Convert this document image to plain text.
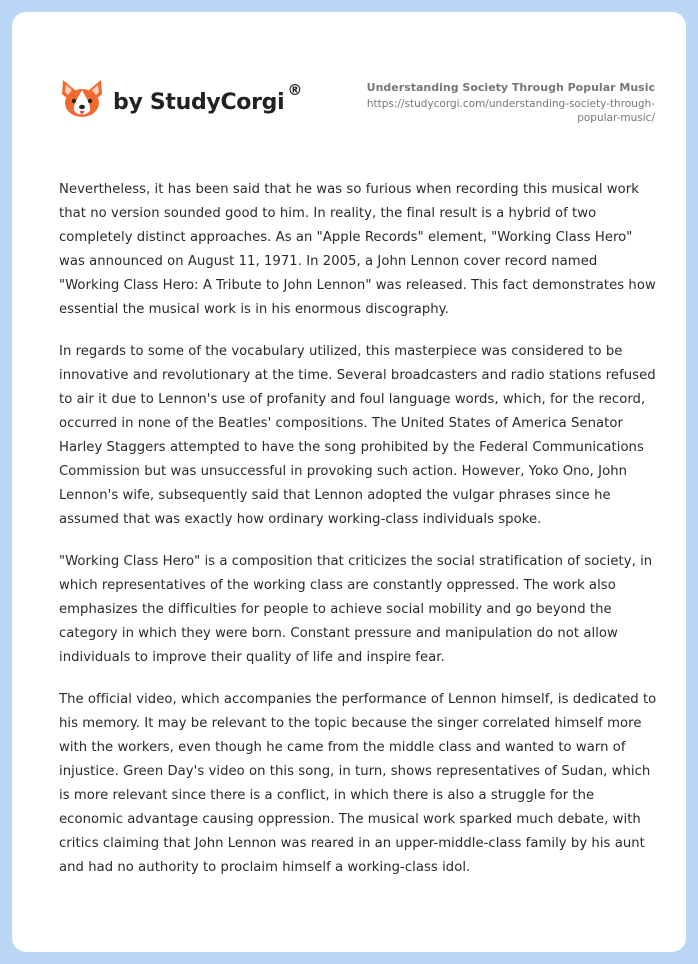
by StudyCorgi ®	Understanding Society Through Popular Music
https://studycorgi.com/understanding-society-through-
popular-music/

Nevertheless, it has been said that he was so furious when recording this musical work that no version sounded good to him. In reality, the final result is a hybrid of two completely distinct approaches. As an "Apple Records" element, "Working Class Hero" was announced on August 11, 1971. In 2005, a John Lennon cover record named "Working Class Hero: A Tribute to John Lennon" was released. This fact demonstrates how essential the musical work is in his enormous discography.

In regards to some of the vocabulary utilized, this masterpiece was considered to be innovative and revolutionary at the time. Several broadcasters and radio stations refused to air it due to Lennon's use of profanity and foul language words, which, for the record, occurred in none of the Beatles' compositions. The United States of America Senator Harley Staggers attempted to have the song prohibited by the Federal Communications Commission but was unsuccessful in provoking such action. However, Yoko Ono, John Lennon's wife, subsequently said that Lennon adopted the vulgar phrases since he assumed that was exactly how ordinary working-class individuals spoke.

"Working Class Hero" is a composition that criticizes the social stratification of society, in which representatives of the working class are constantly oppressed. The work also emphasizes the difficulties for people to achieve social mobility and go beyond the category in which they were born. Constant pressure and manipulation do not allow individuals to improve their quality of life and inspire fear.

The official video, which accompanies the performance of Lennon himself, is dedicated to his memory. It may be relevant to the topic because the singer correlated himself more with the workers, even though he came from the middle class and wanted to warn of injustice. Green Day's video on this song, in turn, shows representatives of Sudan, which is more relevant since there is a conflict, in which there is also a struggle for the economic advantage causing oppression. The musical work sparked much debate, with critics claiming that John Lennon was reared in an upper-middle-class family by his aunt and had no authority to proclaim himself a working-class idol.
